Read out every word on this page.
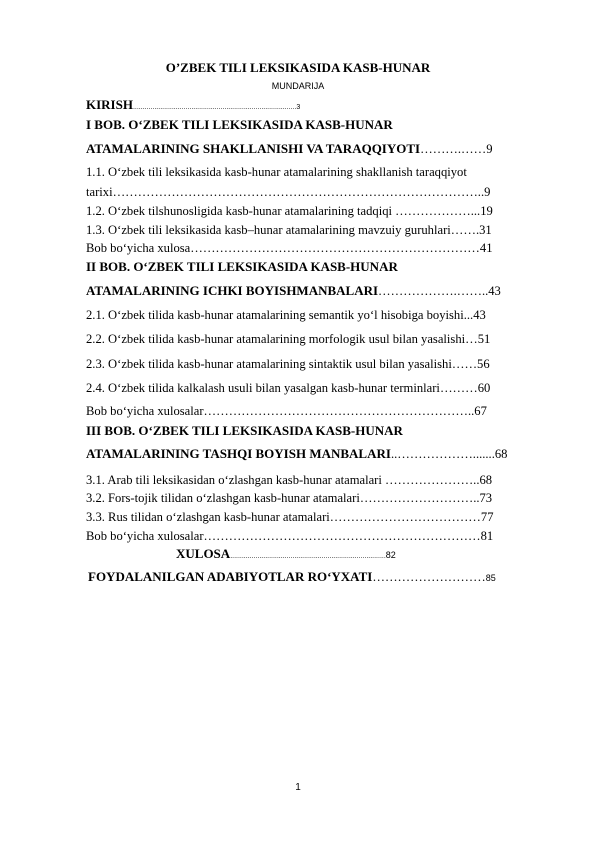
O’ZBEK TILI LEKSIKASIDA KASB-HUNAR
MUNDARIJA
KIRISH....................................................................................3
I BOB. O‘ZBEK TILI LEKSIKASIDA KASB-HUNAR
ATAMALARINING SHAKLLANISHI VA TARAQQIYOTI……….……9
1.1. O‘zbek tili leksikasida kasb-hunar atamalarining shakllanish taraqqiyot
tarixi……………………………………………………………………………..9
1.2. O‘zbek tilshunosligida kasb-hunar atamalarining tadqiqi ………………...19
1.3. O‘zbek tili leksikasida kasb–hunar atamalarining mavzuiy guruhlari…….31
Bob bo‘yicha xulosa……………………………………………………………41
II BOB. O‘ZBEK TILI LEKSIKASIDA KASB-HUNAR
ATAMALARINING ICHKI BOYISHMANBALARI……………….……..43
2.1. O‘zbek tilida kasb-hunar atamalarining semantik yo‘l hisobiga boyishi...43
2.2. O‘zbek tilida kasb-hunar atamalarining morfologik usul bilan yasalishi…51
2.3. O‘zbek tilida kasb-hunar atamalarining sintaktik usul bilan yasalishi……56
2.4. O‘zbek tilida kalkalash usuli bilan yasalgan kasb-hunar terminlari………60
Bob bo‘yicha xulosalar………………………………………………………..67
III BOB. O‘ZBEK TILI LEKSIKASIDA KASB-HUNAR
ATAMALARINING TASHQI BOYISH MANBALARI..……………….......68
3.1. Arab tili leksikasidan o‘zlashgan kasb-hunar atamalari …………………..68
3.2. Fors-tojik tilidan o‘zlashgan kasb-hunar atamalari………………………..73
3.3. Rus tilidan o‘zlashgan kasb-hunar atamalari………………………………77
Bob bo‘yicha xulosalar…………………………………………………………81
XULOSA................................................................................82
FOYDALANILGAN ADABIYOTLAR RO‘YXATI………………………85
1
